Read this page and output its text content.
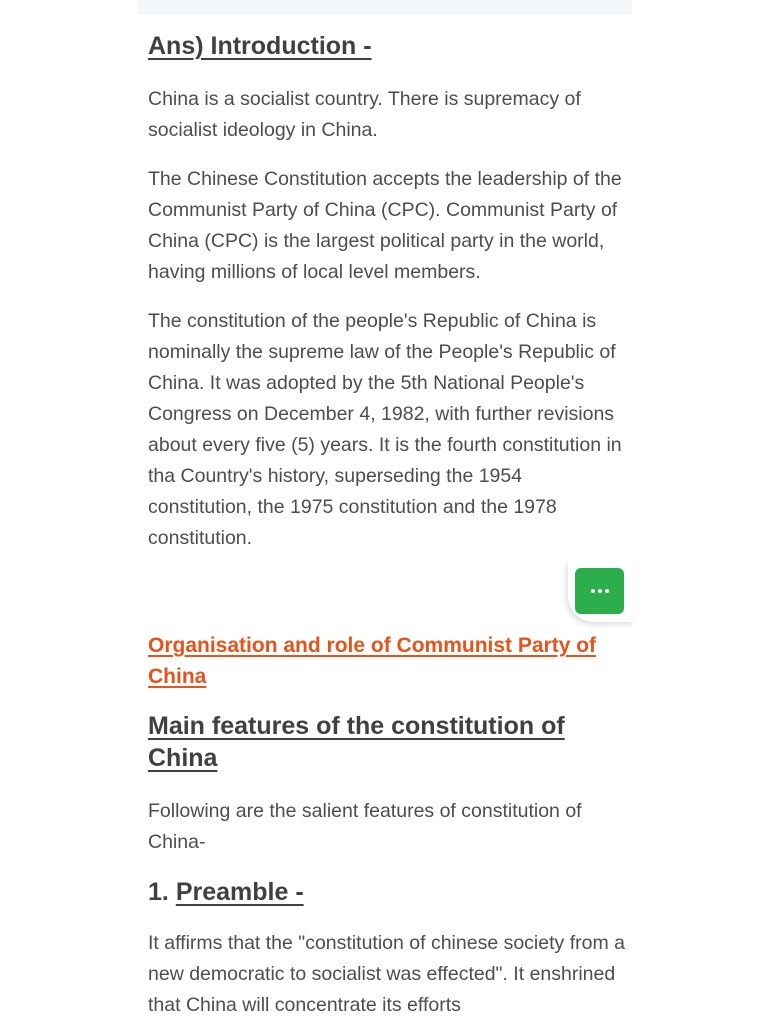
Ans) Introduction -

China is a socialist country. There is supremacy of socialist ideology in China.

The Chinese Constitution accepts the leadership of the Communist Party of China (CPC). Communist Party of China (CPC) is the largest political party in the world, having millions of local level members.

The constitution of the people's Republic of China is nominally the supreme law of the People's Republic of China. It was adopted by the 5th National People's Congress on December 4, 1982, with further revisions about every five (5) years. It is the fourth constitution in tha Country's history, superseding the 1954 constitution, the 1975 constitution and the 1978 constitution.

Organisation and role of Communist Party of China
Main features of the constitution of China

Following are the salient features of constitution of China-

1. Preamble -

It affirms that the "constitution of chinese society from a new democratic to socialist was effected". It enshrined that China will concentrate its efforts
